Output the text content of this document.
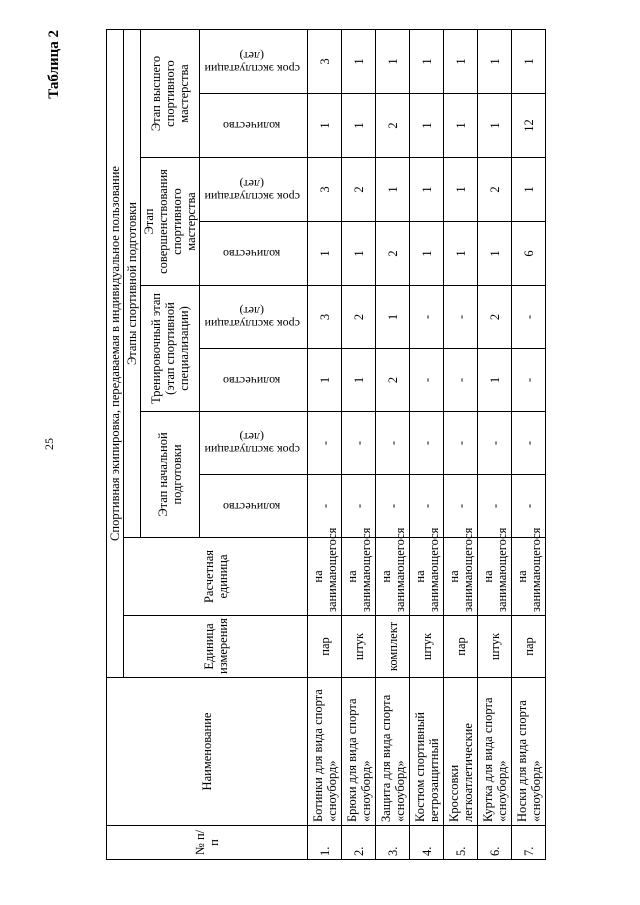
25
Таблица 2
№ п/п	Наименование	Спортивная экипировка, передаваемая в индивидуальное пользование									
		Единица измерения	Расчетная единица	Этапы спортивной подготовки							
				Этап начальной подготовки		Тренировочный этап (этап спортивной специализации)		Этап совершенствования спортивного мастерства		Этап высшего спортивного мастерства	
				количество	срок эксплуатации (лет)	количество	срок эксплуатации (лет)	количество	срок эксплуатации (лет)	количество	срок эксплуатации (лет)
1.	Ботинки для вида спорта «сноуборд»	пар	на занимающегося	-	-	1	3	1	3	1	3
2.	Брюки для вида спорта «сноуборд»	штук	на занимающегося	-	-	1	2	1	2	1	1
3.	Защита для вида спорта «сноуборд»	комплект	на занимающегося	-	-	2	1	2	1	2	1
4.	Костюм спортивный ветрозащитный	штук	на занимающегося	-	-	-	-	1	1	1	1
5.	Кроссовки легкоатлетические	пар	на занимающегося	-	-	-	-	1	1	1	1
6.	Куртка для вида спорта «сноуборд»	штук	на занимающегося	-	-	1	2	1	2	1	1
7.	Носки для вида спорта «сноуборд»	пар	на занимающегося	-	-	-	-	6	1	12	1
